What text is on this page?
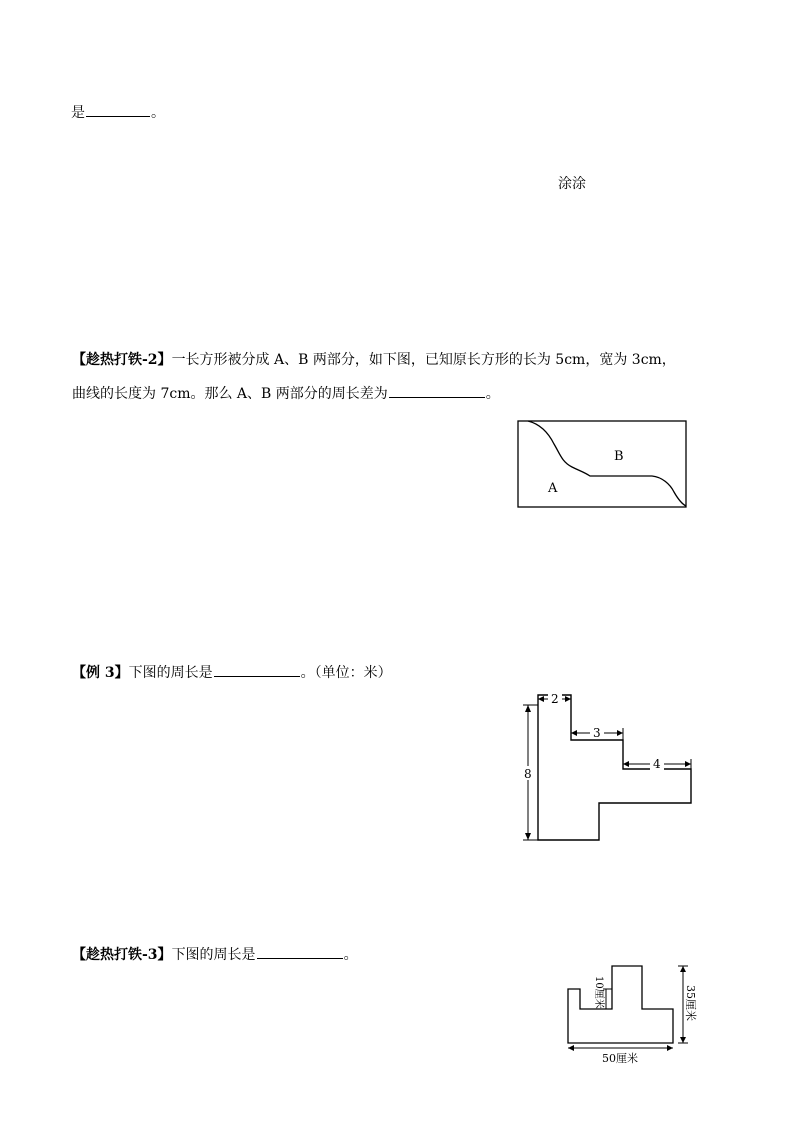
是	。
涂涂
【趁热打铁-2】一长方形被分成 A、B 两部分，如下图，已知原长方形的长为 5cm，宽为 3cm，
曲线的长度为 7cm。那么 A、B 两部分的周长差为	。
B
A
【例 3】下图的周长是	。（单位：米）
2
3
4
8
【趁热打铁-3】下图的周长是	。
10厘米	35厘米
50厘米
